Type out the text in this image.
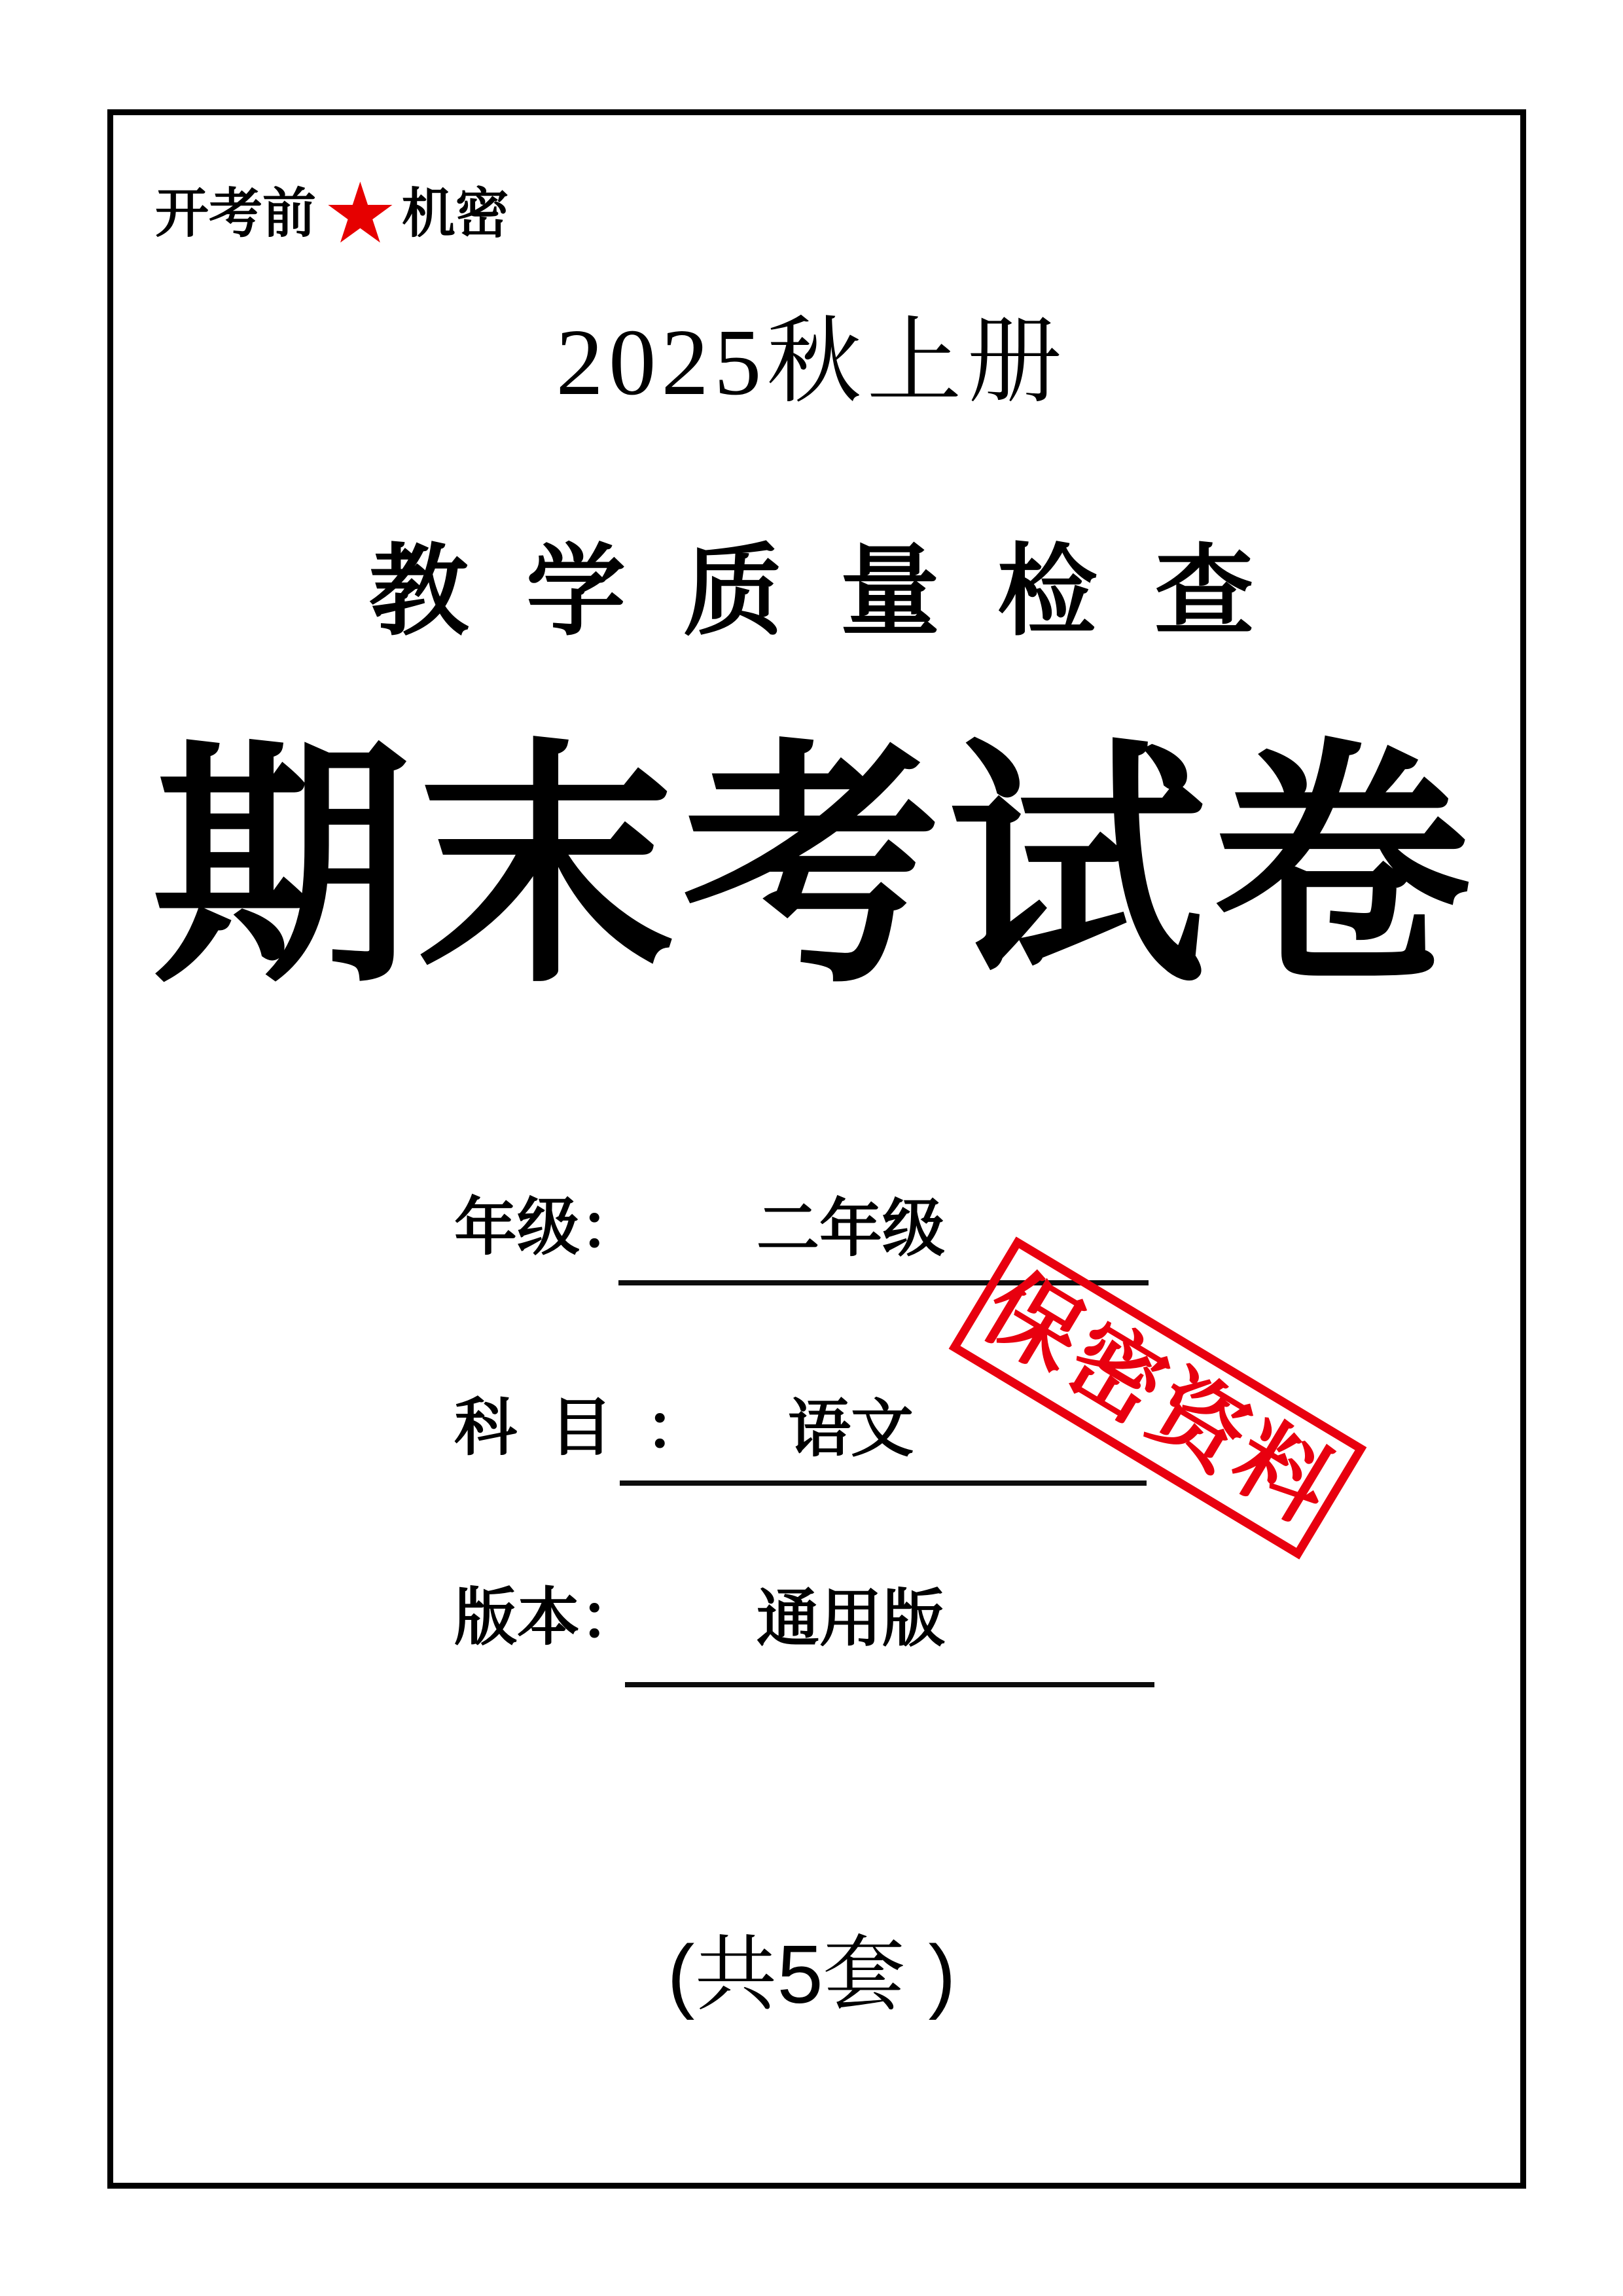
开考前 ★ 机密
2025秋上册
教学质量检查
期末考试卷
年级： 二年级
科目： 语文
版本： 通用版
保密资料
(共5套 )
